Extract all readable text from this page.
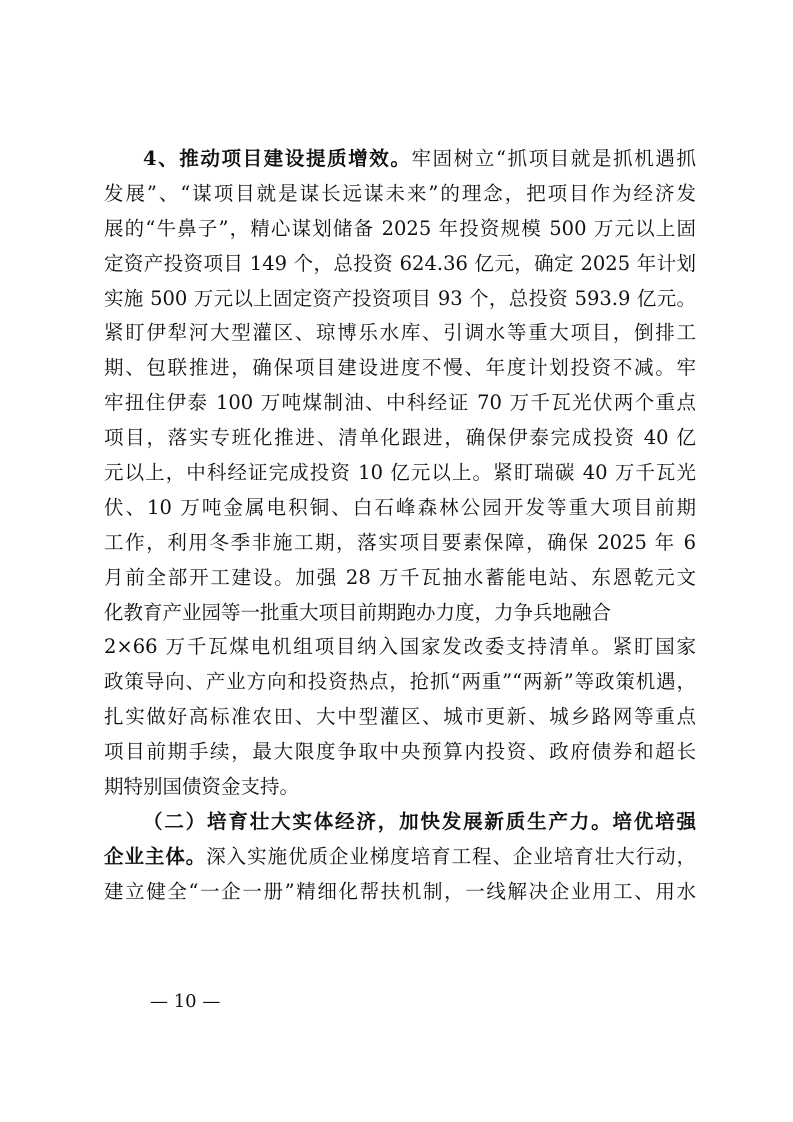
4、推动项目建设提质增效。牢固树立“抓项目就是抓机遇抓
发展”、“谋项目就是谋长远谋未来”的理念，把项目作为经济发
展的“牛鼻子”，精心谋划储备 2025 年投资规模 500 万元以上固
定资产投资项目 149 个，总投资 624.36 亿元，确定 2025 年计划
实施 500 万元以上固定资产投资项目 93 个，总投资 593.9 亿元。
紧盯伊犁河大型灌区、琼博乐水库、引调水等重大项目，倒排工
期、包联推进，确保项目建设进度不慢、年度计划投资不减。牢
牢扭住伊泰 100 万吨煤制油、中科经证 70 万千瓦光伏两个重点
项目，落实专班化推进、清单化跟进，确保伊泰完成投资 40 亿
元以上，中科经证完成投资 10 亿元以上。紧盯瑞碳 40 万千瓦光
伏、10 万吨金属电积铜、白石峰森林公园开发等重大项目前期
工作，利用冬季非施工期，落实项目要素保障，确保 2025 年 6
月前全部开工建设。加强 28 万千瓦抽水蓄能电站、东恩乾元文
化教育产业园等一批重大项目前期跑办力度，力争兵地融合
2×66 万千瓦煤电机组项目纳入国家发改委支持清单。紧盯国家
政策导向、产业方向和投资热点，抢抓“两重”“两新”等政策机遇，
扎实做好高标准农田、大中型灌区、城市更新、城乡路网等重点
项目前期手续，最大限度争取中央预算内投资、政府债券和超长
期特别国债资金支持。
（二）培育壮大实体经济，加快发展新质生产力。培优培强
企业主体。深入实施优质企业梯度培育工程、企业培育壮大行动，
建立健全“一企一册”精细化帮扶机制，一线解决企业用工、用水
— 10 —
